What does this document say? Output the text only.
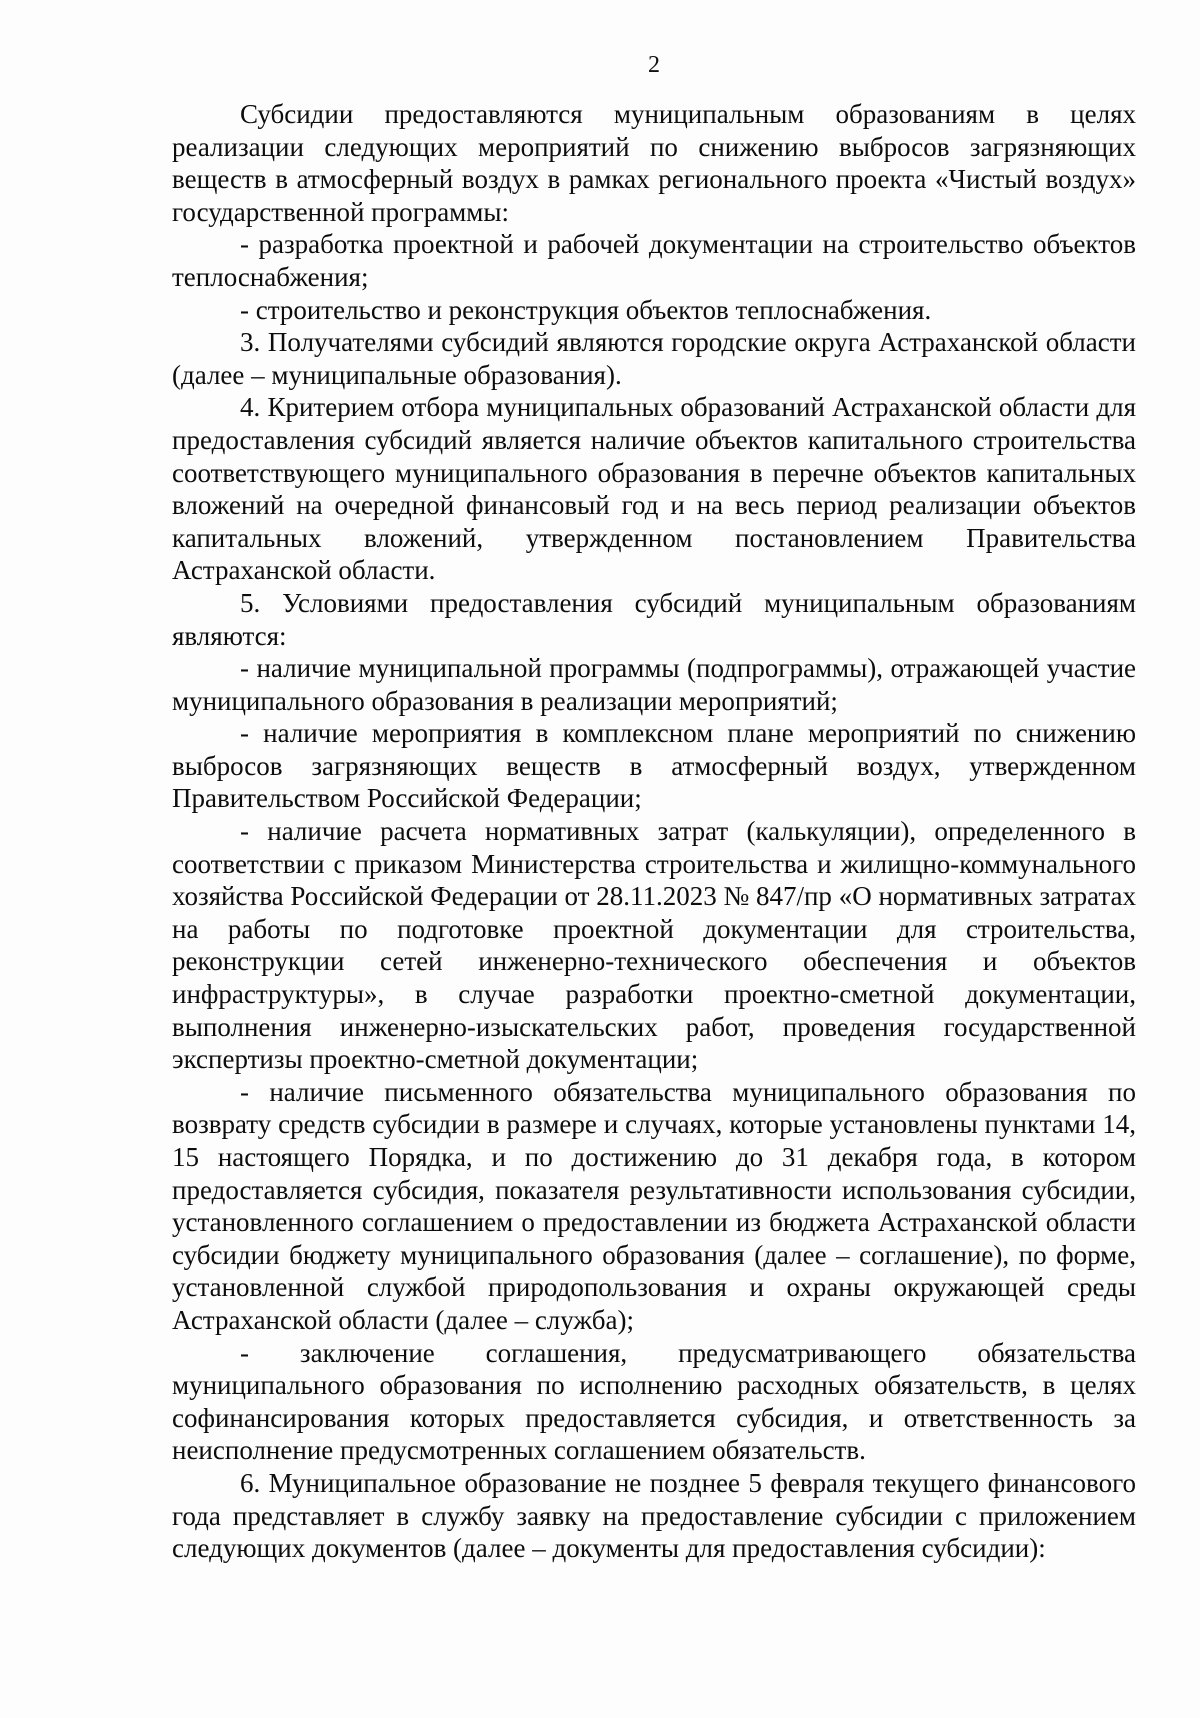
2

Субсидии предоставляются муниципальным образованиям в целях реализации следующих мероприятий по снижению выбросов загрязняющих веществ в атмосферный воздух в рамках регионального проекта «Чистый воздух» государственной программы:

- разработка проектной и рабочей документации на строительство объектов теплоснабжения;

- строительство и реконструкция объектов теплоснабжения.

3. Получателями субсидий являются городские округа Астраханской области (далее – муниципальные образования).

4. Критерием отбора муниципальных образований Астраханской области для предоставления субсидий является наличие объектов капитального строительства соответствующего муниципального образования в перечне объектов капитальных вложений на очередной финансовый год и на весь период реализации объектов капитальных вложений, утвержденном постановлением Правительства Астраханской области.

5. Условиями предоставления субсидий муниципальным образованиям являются:

- наличие муниципальной программы (подпрограммы), отражающей участие муниципального образования в реализации мероприятий;

- наличие мероприятия в комплексном плане мероприятий по снижению выбросов загрязняющих веществ в атмосферный воздух, утвержденном Правительством Российской Федерации;

- наличие расчета нормативных затрат (калькуляции), определенного в соответствии с приказом Министерства строительства и жилищно-коммунального хозяйства Российской Федерации от 28.11.2023 № 847/пр «О нормативных затратах на работы по подготовке проектной документации для строительства, реконструкции сетей инженерно-технического обеспечения и объектов инфраструктуры», в случае разработки проектно-сметной документации, выполнения инженерно-изыскательских работ, проведения государственной экспертизы проектно-сметной документации;

- наличие письменного обязательства муниципального образования по возврату средств субсидии в размере и случаях, которые установлены пунктами 14, 15 настоящего Порядка, и по достижению до 31 декабря года, в котором предоставляется субсидия, показателя результативности использования субсидии, установленного соглашением о предоставлении из бюджета Астраханской области субсидии бюджету муниципального образования (далее – соглашение), по форме, установленной службой природопользования и охраны окружающей среды Астраханской области (далее – служба);

- заключение соглашения, предусматривающего обязательства муниципального образования по исполнению расходных обязательств, в целях софинансирования которых предоставляется субсидия, и ответственность за неисполнение предусмотренных соглашением обязательств.

6. Муниципальное образование не позднее 5 февраля текущего финансового года представляет в службу заявку на предоставление субсидии с приложением следующих документов (далее – документы для предоставления субсидии):
